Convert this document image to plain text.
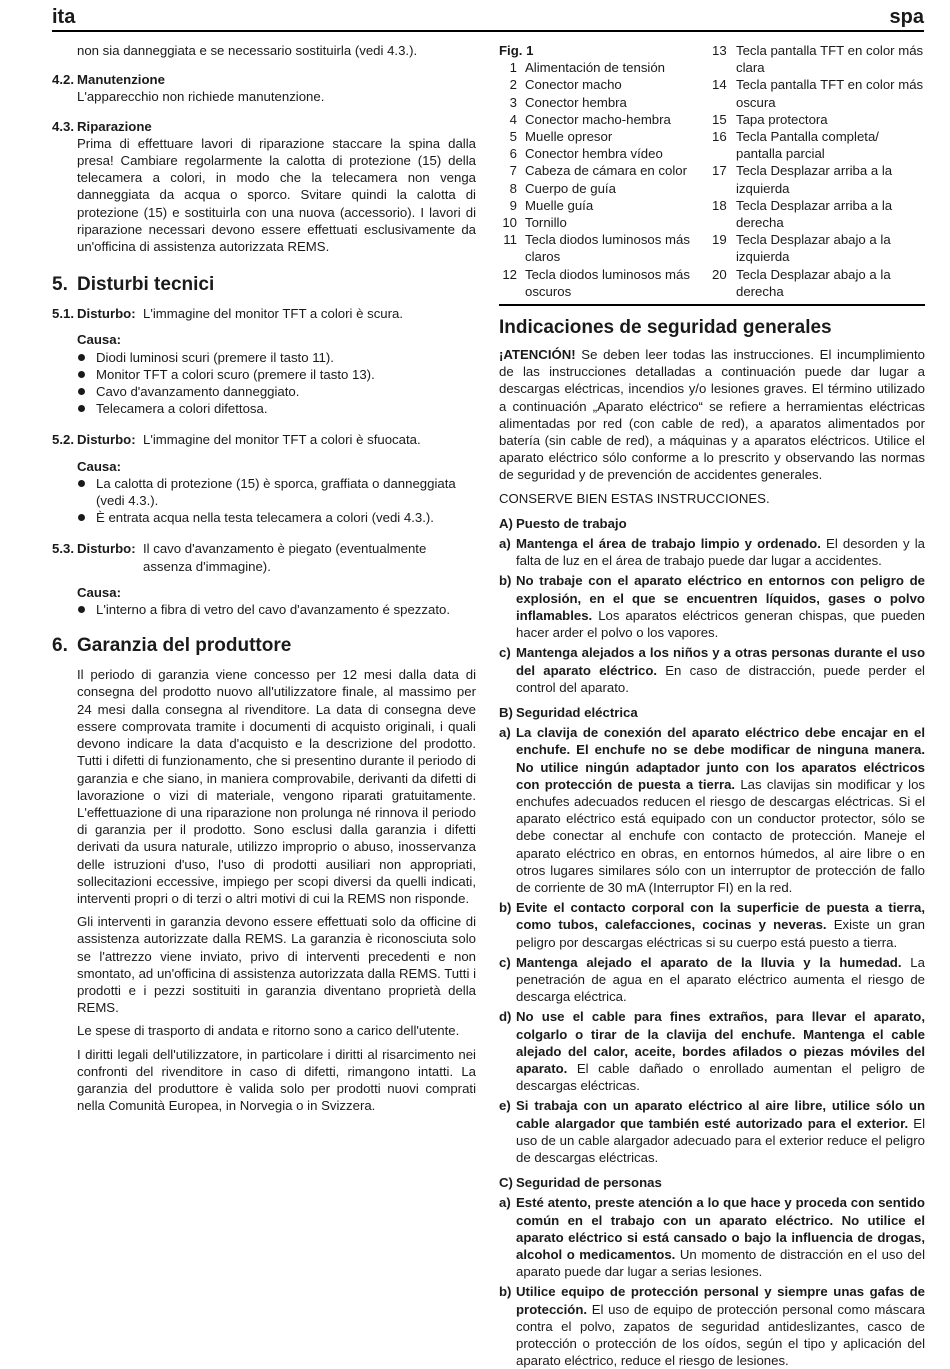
ita	spa
non sia danneggiata e se necessario sostituirla (vedi 4.3.).
4.2. Manutenzione
L'apparecchio non richiede manutenzione.
4.3. Riparazione
Prima di effettuare lavori di riparazione staccare la spina dalla presa! Cambiare regolarmente la calotta di protezione (15) della telecamera a colori, in modo che la telecamera non venga danneggiata da acqua o sporco. Svitare quindi la calotta di protezione (15) e sostituirla con una nuova (accessorio). I lavori di riparazione necessari devono essere effettuati esclusivamente da un'officina di assistenza autorizzata REMS.
5. Disturbi tecnici
5.1. Disturbo: L'immagine del monitor TFT a colori è scura.
Causa:
Diodi luminosi scuri (premere il tasto 11).
Monitor TFT a colori scuro (premere il tasto 13).
Cavo d'avanzamento danneggiato.
Telecamera a colori difettosa.
5.2. Disturbo: L'immagine del monitor TFT a colori è sfuocata.
Causa:
La calotta di protezione (15) è sporca, graffiata o danneggiata (vedi 4.3.).
È entrata acqua nella testa telecamera a colori (vedi 4.3.).
5.3. Disturbo: Il cavo d'avanzamento è piegato (eventualmente assenza d'immagine).
Causa:
L'interno a fibra di vetro del cavo d'avanzamento é spezzato.
6. Garanzia del produttore
Il periodo di garanzia viene concesso per 12 mesi dalla data di consegna del prodotto nuovo all'utilizzatore finale, al massimo per 24 mesi dalla consegna al rivenditore. La data di consegna deve essere comprovata tramite i documenti di acquisto originali, i quali devono indicare la data d'acquisto e la descrizione del prodotto. Tutti i difetti di funzionamento, che si presentino durante il periodo di garanzia e che siano, in maniera comprovabile, derivanti da difetti di lavorazione o vizi di materiale, vengono riparati gratuitamente. L'effettuazione di una riparazione non prolunga né rinnova il periodo di garanzia per il prodotto. Sono esclusi dalla garanzia i difetti derivati da usura naturale, utilizzo improprio o abuso, inosservanza delle istruzioni d'uso, l'uso di prodotti ausiliari non appropriati, sollecitazioni eccessive, impiego per scopi diversi da quelli indicati, interventi propri o di terzi o altri motivi di cui la REMS non risponde.
Gli interventi in garanzia devono essere effettuati solo da officine di assistenza autorizzate dalla REMS. La garanzia è riconosciuta solo se l'attrezzo viene inviato, privo di interventi precedenti e non smontato, ad un'officina di assistenza autorizzata dalla REMS. Tutti i prodotti e i pezzi sostituiti in garanzia diventano proprietà della REMS.
Le spese di trasporto di andata e ritorno sono a carico dell'utente.
I diritti legali dell'utilizzatore, in particolare i diritti al risarcimento nei confronti del rivenditore in caso di difetti, rimangono intatti. La garanzia del produttore è valida solo per prodotti nuovi comprati nella Comunità Europea, in Norvegia o in Svizzera.
Fig. 1
1 Alimentación de tensión
2 Conector macho
3 Conector hembra
4 Conector macho-hembra
5 Muelle opresor
6 Conector hembra vídeo
7 Cabeza de cámara en color
8 Cuerpo de guía
9 Muelle guía
10 Tornillo
11 Tecla diodos luminosos más claros
12 Tecla diodos luminosos más oscuros
13 Tecla pantalla TFT en color más clara
14 Tecla pantalla TFT en color más oscura
15 Tapa protectora
16 Tecla Pantalla completa/ pantalla parcial
17 Tecla Desplazar arriba a la izquierda
18 Tecla Desplazar arriba a la derecha
19 Tecla Desplazar abajo a la izquierda
20 Tecla Desplazar abajo a la derecha
Indicaciones de seguridad generales
¡ATENCIÓN! Se deben leer todas las instrucciones. El incumplimiento de las instrucciones detalladas a continuación puede dar lugar a descargas eléctricas, incendios y/o lesiones graves. El término utilizado a continuación „Aparato eléctrico“ se refiere a herramientas eléctricas alimentadas por red (con cable de red), a aparatos alimentados por batería (sin cable de red), a máquinas y a aparatos eléctricos. Utilice el aparato eléctrico sólo conforme a lo prescrito y observando las normas de seguridad y de prevención de accidentes generales.
CONSERVE BIEN ESTAS INSTRUCCIONES.
A) Puesto de trabajo
a) Mantenga el área de trabajo limpio y ordenado. El desorden y la falta de luz en el área de trabajo puede dar lugar a accidentes.
b) No trabaje con el aparato eléctrico en entornos con peligro de explosión, en el que se encuentren líquidos, gases o polvo inflamables. Los aparatos eléctricos generan chispas, que pueden hacer arder el polvo o los vapores.
c) Mantenga alejados a los niños y a otras personas durante el uso del aparato eléctrico. En caso de distracción, puede perder el control del aparato.
B) Seguridad eléctrica
a) La clavija de conexión del aparato eléctrico debe encajar en el enchufe. El enchufe no se debe modificar de ninguna manera. No utilice ningún adaptador junto con los aparatos eléctricos con protección de puesta a tierra. Las clavijas sin modificar y los enchufes adecuados reducen el riesgo de descargas eléctricas. Si el aparato eléctrico está equipado con un conductor protector, sólo se debe conectar al enchufe con contacto de protección. Maneje el aparato eléctrico en obras, en entornos húmedos, al aire libre o en otros lugares similares sólo con un interruptor de protección de fallo de corriente de 30 mA (Interruptor FI) en la red.
b) Evite el contacto corporal con la superficie de puesta a tierra, como tubos, calefacciones, cocinas y neveras. Existe un gran peligro por descargas eléctricas si su cuerpo está puesto a tierra.
c) Mantenga alejado el aparato de la lluvia y la humedad. La penetración de agua en el aparato eléctrico aumenta el riesgo de descarga eléctrica.
d) No use el cable para fines extraños, para llevar el aparato, colgarlo o tirar de la clavija del enchufe. Mantenga el cable alejado del calor, aceite, bordes afilados o piezas móviles del aparato. El cable dañado o enrollado aumentan el peligro de descargas eléctricas.
e) Si trabaja con un aparato eléctrico al aire libre, utilice sólo un cable alargador que también esté autorizado para el exterior. El uso de un cable alargador adecuado para el exterior reduce el peligro de descargas eléctricas.
C) Seguridad de personas
a) Esté atento, preste atención a lo que hace y proceda con sentido común en el trabajo con un aparato eléctrico. No utilice el aparato eléctrico si está cansado o bajo la influencia de drogas, alcohol o medicamentos. Un momento de distracción en el uso del aparato puede dar lugar a serias lesiones.
b) Utilice equipo de protección personal y siempre unas gafas de protección. El uso de equipo de protección personal como máscara contra el polvo, zapatos de seguridad antideslizantes, casco de protección o protección de los oídos, según el tipo y aplicación del aparato eléctrico, reduce el riesgo de lesiones.
